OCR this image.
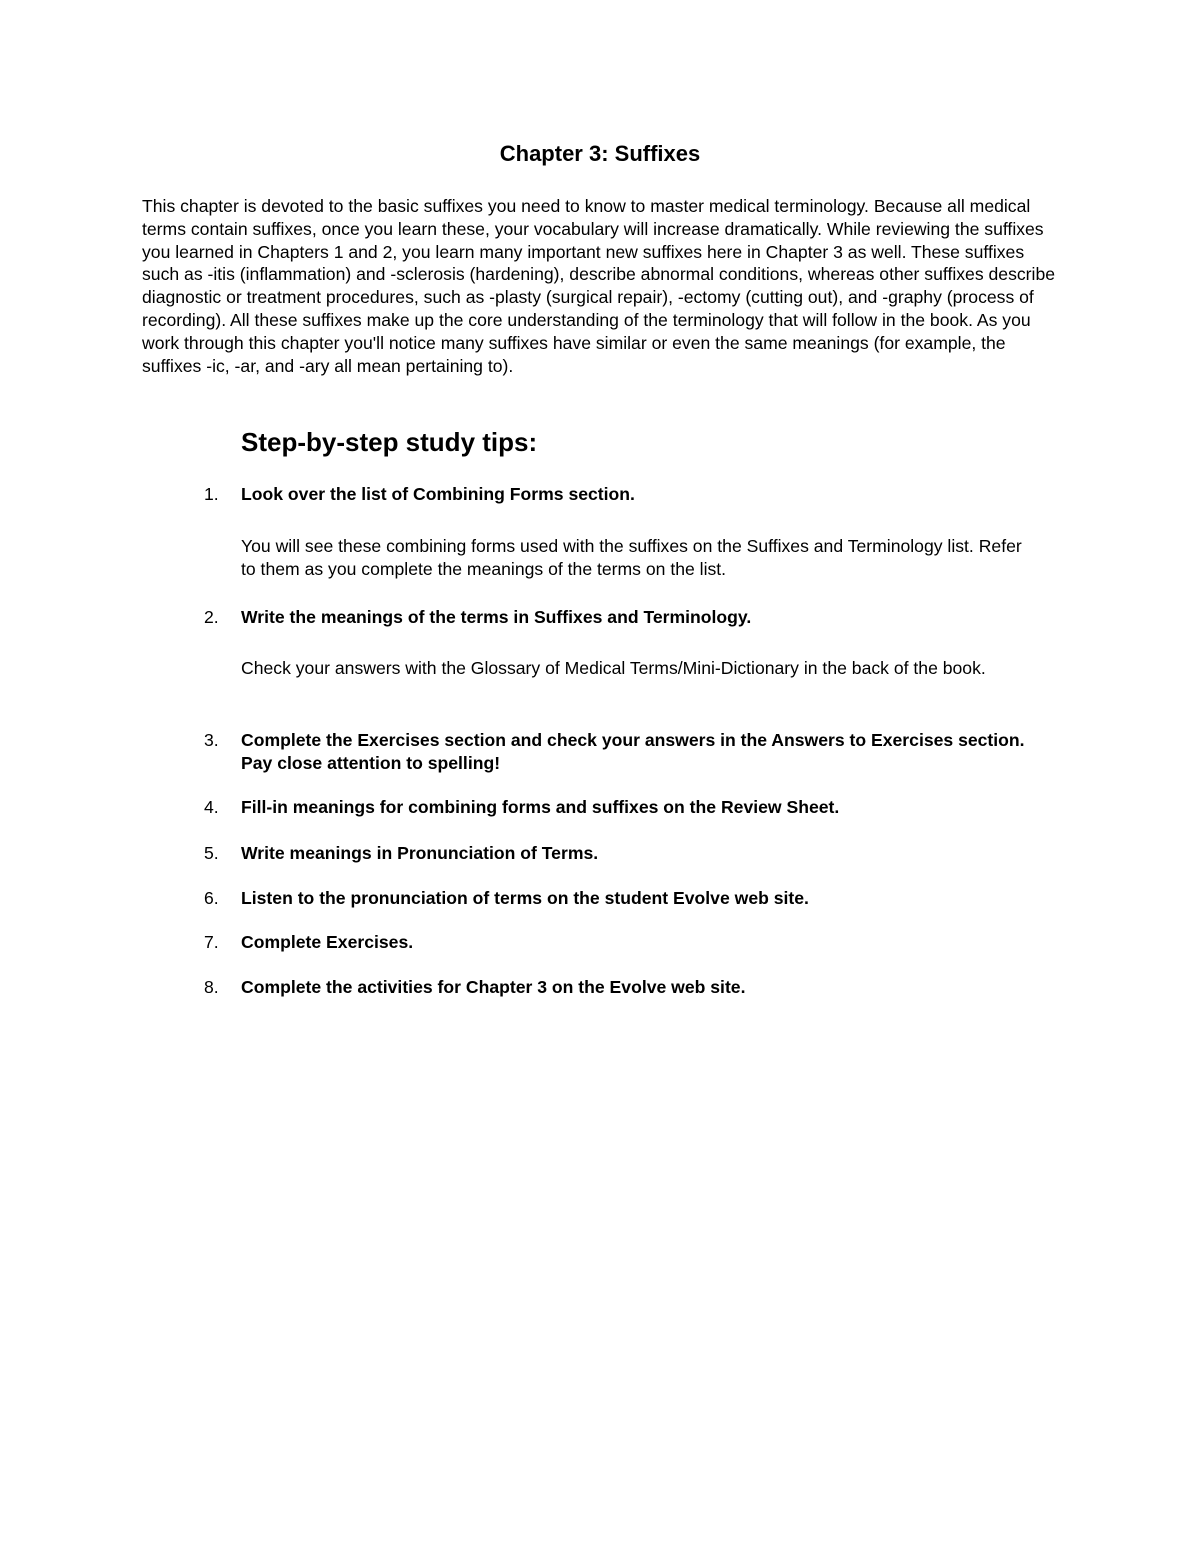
Chapter 3: Suffixes

This chapter is devoted to the basic suffixes you need to know to master medical terminology. Because all medical terms contain suffixes, once you learn these, your vocabulary will increase dramatically. While reviewing the suffixes you learned in Chapters 1 and 2, you learn many important new suffixes here in Chapter 3 as well. These suffixes such as -itis (inflammation) and -sclerosis (hardening), describe abnormal conditions, whereas other suffixes describe diagnostic or treatment procedures, such as -plasty (surgical repair), -ectomy (cutting out), and -graphy (process of recording). All these suffixes make up the core understanding of the terminology that will follow in the book. As you work through this chapter you'll notice many suffixes have similar or even the same meanings (for example, the suffixes -ic, -ar, and -ary all mean pertaining to).

Step-by-step study tips:
1. Look over the list of Combining Forms section.
You will see these combining forms used with the suffixes on the Suffixes and Terminology list. Refer to them as you complete the meanings of the terms on the list.
2. Write the meanings of the terms in Suffixes and Terminology.
Check your answers with the Glossary of Medical Terms/Mini-Dictionary in the back of the book.
3. Complete the Exercises section and check your answers in the Answers to Exercises section. Pay close attention to spelling!
4. Fill-in meanings for combining forms and suffixes on the Review Sheet.
5. Write meanings in Pronunciation of Terms.
6. Listen to the pronunciation of terms on the student Evolve web site.
7. Complete Exercises.
8. Complete the activities for Chapter 3 on the Evolve web site.
